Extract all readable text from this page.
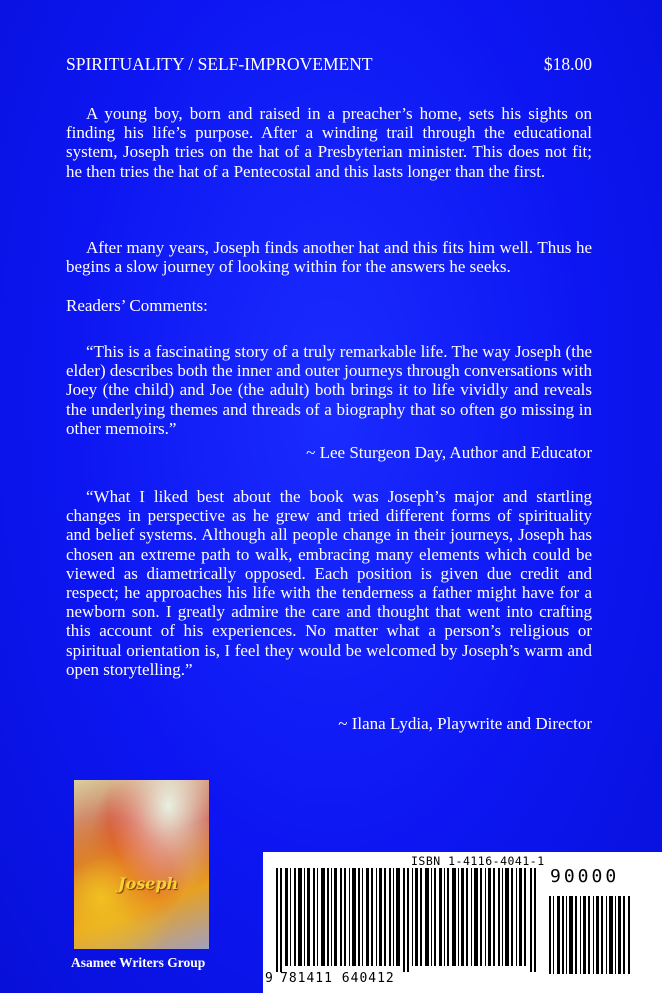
SPIRITUALITY / SELF-IMPROVEMENT	$18.00
A young boy, born and raised in a preacher’s home, sets his sights on finding his life’s purpose. After a winding trail through the educational system, Joseph tries on the hat of a Presbyterian minister. This does not fit; he then tries the hat of a Pentecostal and this lasts longer than the first.
After many years, Joseph finds another hat and this fits him well. Thus he begins a slow journey of looking within for the answers he seeks.
Readers’ Comments:
“This is a fascinating story of a truly remarkable life. The way Joseph (the elder) describes both the inner and outer journeys through conversations with Joey (the child) and Joe (the adult) both brings it to life vividly and reveals the underlying themes and threads of a biography that so often go missing in other memoirs.”
~ Lee Sturgeon Day, Author and Educator
“What I liked best about the book was Joseph’s major and startling changes in perspective as he grew and tried different forms of spirituality and belief systems. Although all people change in their journeys, Joseph has chosen an extreme path to walk, embracing many elements which could be viewed as diametrically opposed. Each position is given due credit and respect; he approaches his life with the tenderness a father might have for a newborn son. I greatly admire the care and thought that went into crafting this account of his experiences. No matter what a person’s religious or spiritual orientation is, I feel they would be welcomed by Joseph’s warm and open storytelling.”
~ Ilana Lydia, Playwrite and Director
Joseph
Asamee Writers Group
ISBN 1-4116-4041-1
90000
9 781411 640412
